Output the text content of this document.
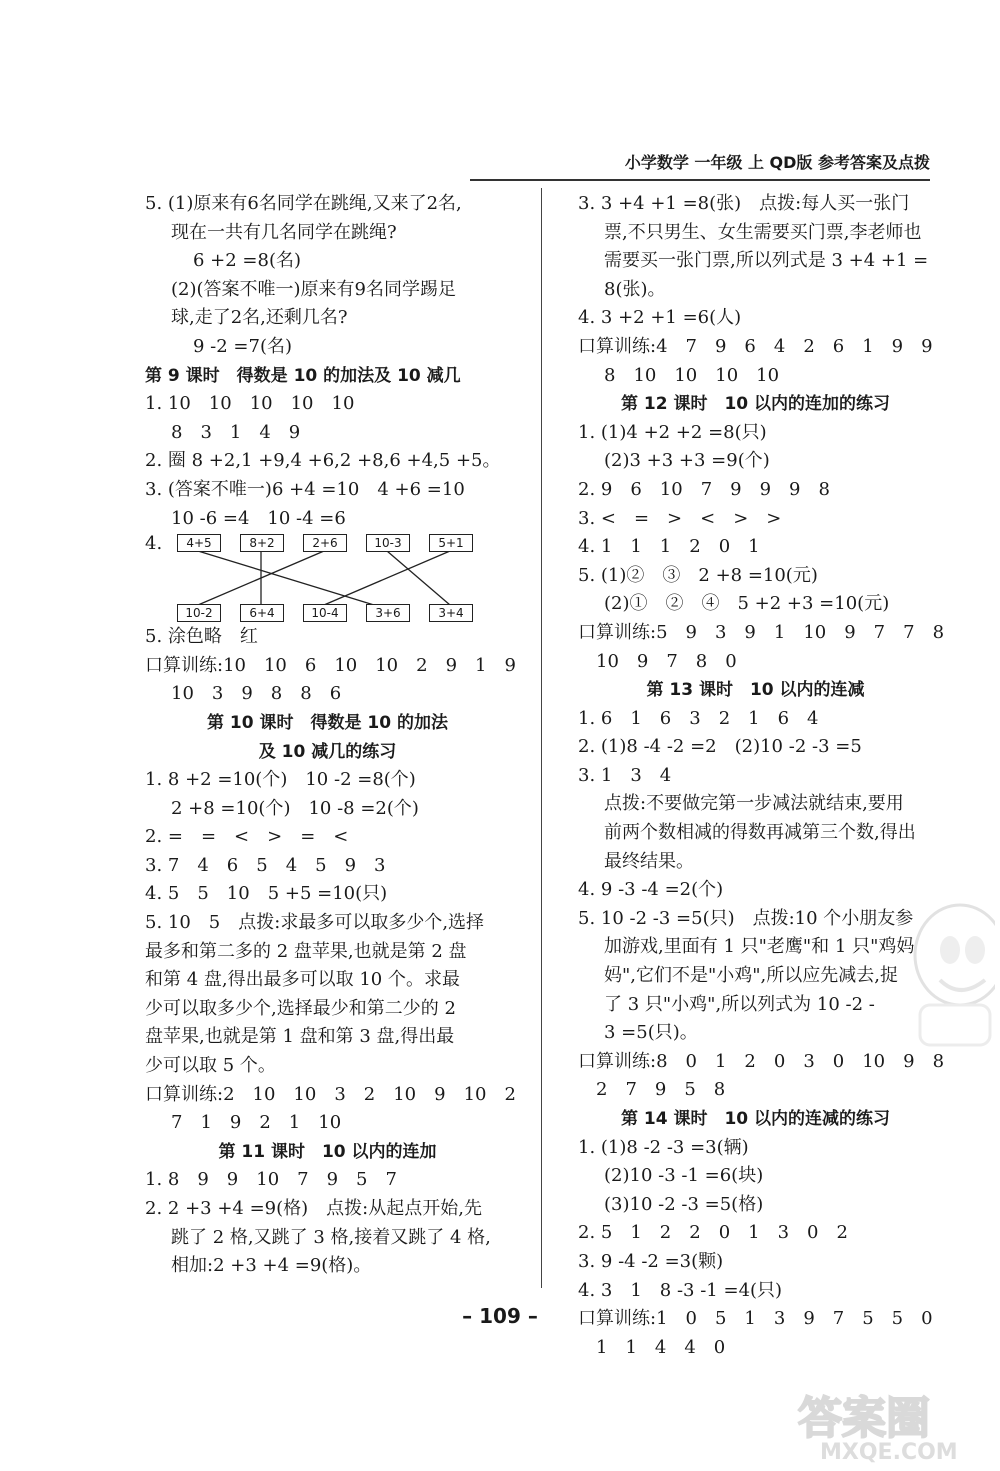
小学数学 一年级 上 QD版 参考答案及点拨
5. (1)原来有6名同学在跳绳,又来了2名,
现在一共有几名同学在跳绳?
6 +2 =8(名)
(2)(答案不唯一)原来有9名同学踢足
球,走了2名,还剩几名?
9 -2 =7(名)
第 9 课时　得数是 10 的加法及 10 减几
1. 10　10　10　10　10
8　3　1　4　9
2. 圈 8 +2,1 +9,4 +6,2 +8,6 +4,5 +5。
3. (答案不唯一)6 +4 =10　4 +6 =10
10 -6 =4　10 -4 =6
4.	4+5	8+2	2+6	10-3	5+1
10-2	6+4	10-4	3+6	3+4
5. 涂色略　红
口算训练:10　10　6　10　10　2　9　1　9
10　3　9　8　8　6
第 10 课时　得数是 10 的加法
及 10 减几的练习
1. 8 +2 =10(个)　10 -2 =8(个)
2 +8 =10(个)　10 -8 =2(个)
2. =　=　<　>　=　<
3. 7　4　6　5　4　5　9　3
4. 5　5　10　5 +5 =10(只)
5. 10　5　点拨:求最多可以取多少个,选择
最多和第二多的 2 盘苹果,也就是第 2 盘
和第 4 盘,得出最多可以取 10 个。求最
少可以取多少个,选择最少和第二少的 2
盘苹果,也就是第 1 盘和第 3 盘,得出最
少可以取 5 个。
口算训练:2　10　10　3　2　10　9　10　2
7　1　9　2　1　10
第 11 课时　10 以内的连加
1. 8　9　9　10　7　9　5　7
2. 2 +3 +4 =9(格)　点拨:从起点开始,先
跳了 2 格,又跳了 3 格,接着又跳了 4 格,
相加:2 +3 +4 =9(格)。
3. 3 +4 +1 =8(张)　点拨:每人买一张门
票,不只男生、女生需要买门票,李老师也
需要买一张门票,所以列式是 3 +4 +1 =
8(张)。
4. 3 +2 +1 =6(人)
口算训练:4　7　9　6　4　2　6　1　9　9
8　10　10　10　10
第 12 课时　10 以内的连加的练习
1. (1)4 +2 +2 =8(只)
(2)3 +3 +3 =9(个)
2. 9　6　10　7　9　9　9　8
3. <　=　>　<　>　>
4. 1　1　1　2　0　1
5. (1)②　③　2 +8 =10(元)
(2)①　②　④　5 +2 +3 =10(元)
口算训练:5　9　3　9　1　10　9　7　7　8
10　9　7　8　0
第 13 课时　10 以内的连减
1. 6　1　6　3　2　1　6　4
2. (1)8 -4 -2 =2　(2)10 -2 -3 =5
3. 1　3　4
点拨:不要做完第一步减法就结束,要用
前两个数相减的得数再减第三个数,得出
最终结果。
4. 9 -3 -4 =2(个)
5. 10 -2 -3 =5(只)　点拨:10 个小朋友参
加游戏,里面有 1 只"老鹰"和 1 只"鸡妈
妈",它们不是"小鸡",所以应先减去,捉
了 3 只"小鸡",所以列式为 10 -2 -
3 =5(只)。
口算训练:8　0　1　2　0　3　0　10　9　8
2　7　9　5　8
第 14 课时　10 以内的连减的练习
1. (1)8 -2 -3 =3(辆)
(2)10 -3 -1 =6(块)
(3)10 -2 -3 =5(格)
2. 5　1　2　2　0　1　3　0　2
3. 9 -4 -2 =3(颗)
4. 3　1　8 -3 -1 =4(只)
口算训练:1　0　5　1　3　9　7　5　5　0
1　1　4　4　0
– 109 –
答案圈
MXQE.COM
